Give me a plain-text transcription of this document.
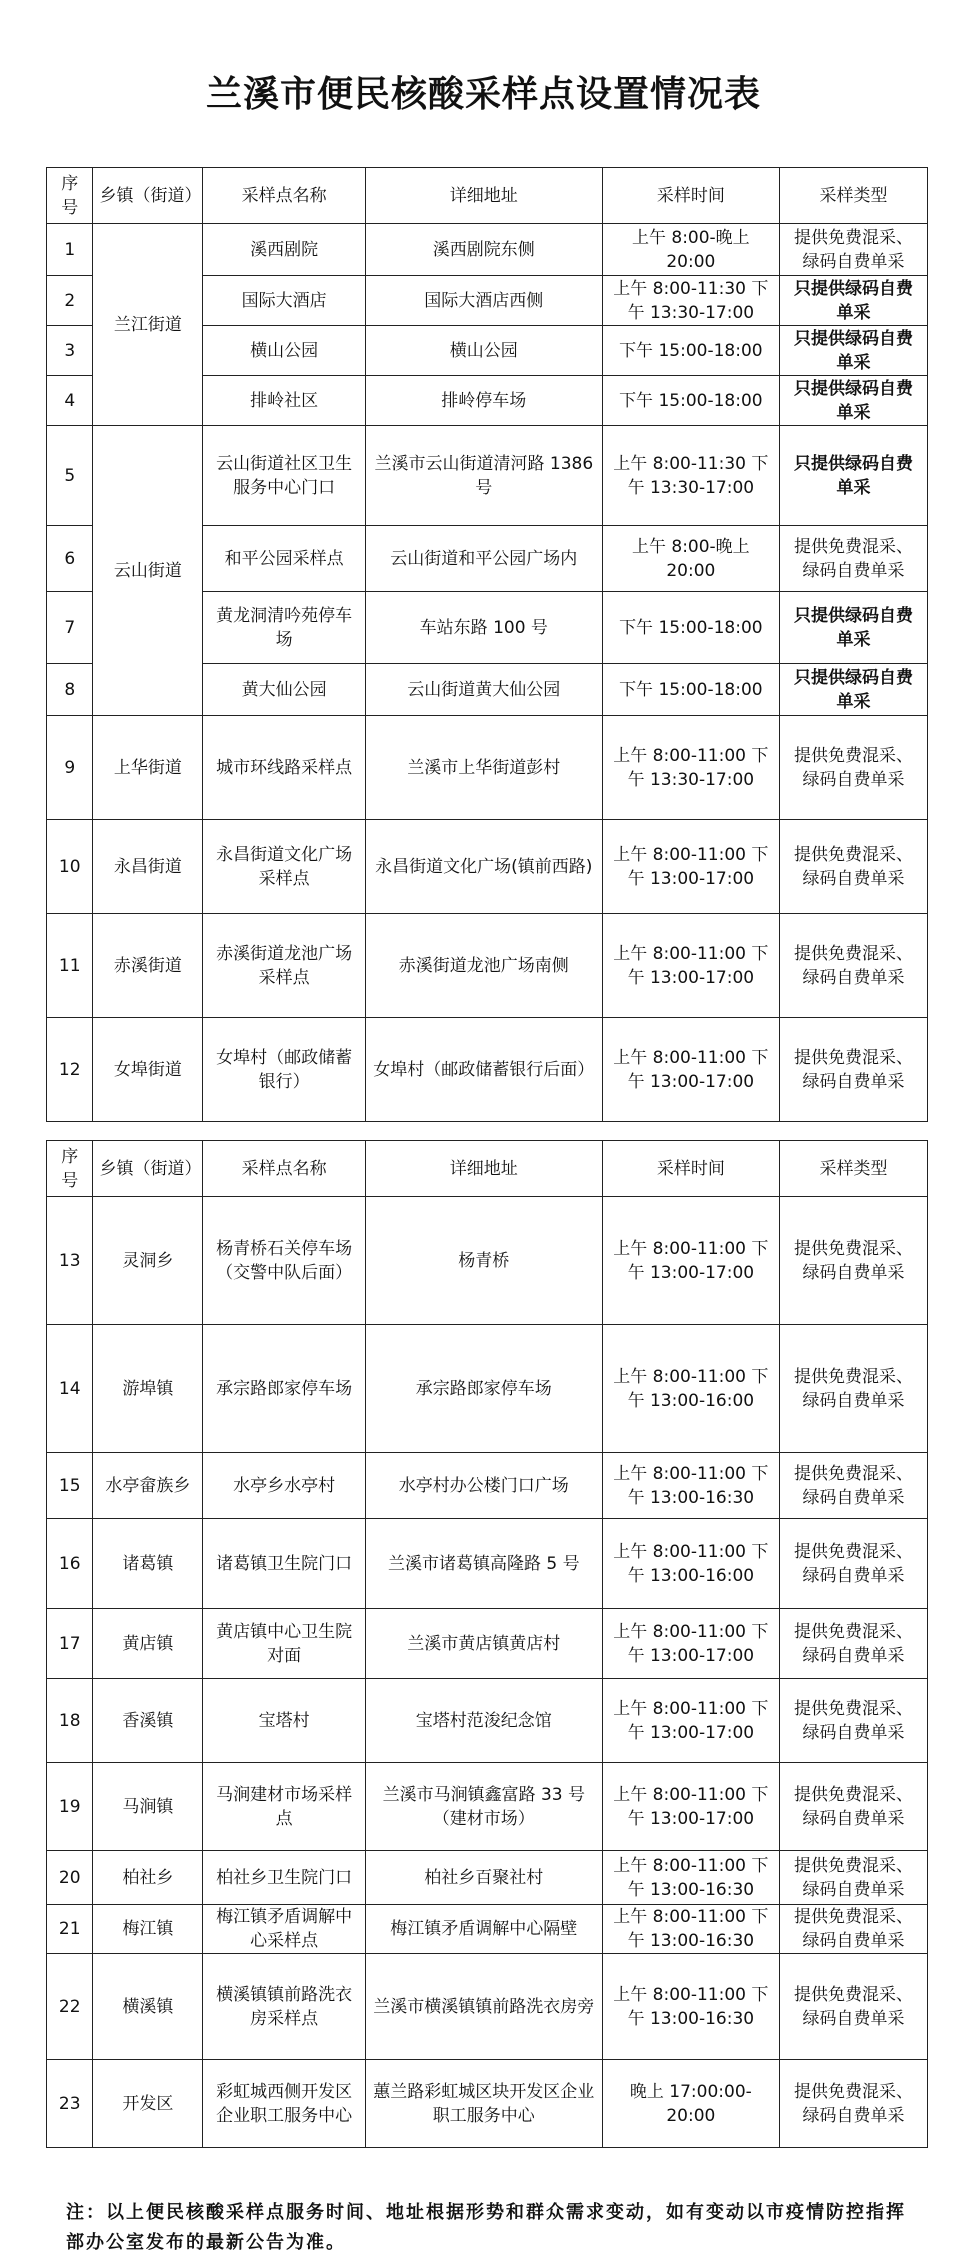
兰溪市便民核酸采样点设置情况表
序号	乡镇（街道）	采样点名称	详细地址	采样时间	采样类型
1	兰江街道	溪西剧院	溪西剧院东侧	上午 8:00-晚上 20:00	提供免费混采、绿码自费单采
2		国际大酒店	国际大酒店西侧	上午 8:00-11:30 下午 13:30-17:00	只提供绿码自费单采
3		横山公园	横山公园	下午 15:00-18:00	只提供绿码自费单采
4		排岭社区	排岭停车场	下午 15:00-18:00	只提供绿码自费单采
5	云山街道	云山街道社区卫生服务中心门口	兰溪市云山街道清河路 1386 号	上午 8:00-11:30 下午 13:30-17:00	只提供绿码自费单采
6		和平公园采样点	云山街道和平公园广场内	上午 8:00-晚上 20:00	提供免费混采、绿码自费单采
7		黄龙洞清吟苑停车场	车站东路 100 号	下午 15:00-18:00	只提供绿码自费单采
8		黄大仙公园	云山街道黄大仙公园	下午 15:00-18:00	只提供绿码自费单采
9	上华街道	城市环线路采样点	兰溪市上华街道彭村	上午 8:00-11:00 下午 13:30-17:00	提供免费混采、绿码自费单采
10	永昌街道	永昌街道文化广场采样点	永昌街道文化广场(镇前西路)	上午 8:00-11:00 下午 13:00-17:00	提供免费混采、绿码自费单采
11	赤溪街道	赤溪街道龙池广场采样点	赤溪街道龙池广场南侧	上午 8:00-11:00 下午 13:00-17:00	提供免费混采、绿码自费单采
12	女埠街道	女埠村（邮政储蓄银行）	女埠村（邮政储蓄银行后面）	上午 8:00-11:00 下午 13:00-17:00	提供免费混采、绿码自费单采
序号	乡镇（街道）	采样点名称	详细地址	采样时间	采样类型
13	灵洞乡	杨青桥石关停车场（交警中队后面）	杨青桥	上午 8:00-11:00 下午 13:00-17:00	提供免费混采、绿码自费单采
14	游埠镇	承宗路郎家停车场	承宗路郎家停车场	上午 8:00-11:00 下午 13:00-16:00	提供免费混采、绿码自费单采
15	水亭畲族乡	水亭乡水亭村	水亭村办公楼门口广场	上午 8:00-11:00 下午 13:00-16:30	提供免费混采、绿码自费单采
16	诸葛镇	诸葛镇卫生院门口	兰溪市诸葛镇高隆路 5 号	上午 8:00-11:00 下午 13:00-16:00	提供免费混采、绿码自费单采
17	黄店镇	黄店镇中心卫生院对面	兰溪市黄店镇黄店村	上午 8:00-11:00 下午 13:00-17:00	提供免费混采、绿码自费单采
18	香溪镇	宝塔村	宝塔村范浚纪念馆	上午 8:00-11:00 下午 13:00-17:00	提供免费混采、绿码自费单采
19	马涧镇	马涧建材市场采样点	兰溪市马涧镇鑫富路 33 号（建材市场）	上午 8:00-11:00 下午 13:00-17:00	提供免费混采、绿码自费单采
20	柏社乡	柏社乡卫生院门口	柏社乡百聚社村	上午 8:00-11:00 下午 13:00-16:30	提供免费混采、绿码自费单采
21	梅江镇	梅江镇矛盾调解中心采样点	梅江镇矛盾调解中心隔壁	上午 8:00-11:00 下午 13:00-16:30	提供免费混采、绿码自费单采
22	横溪镇	横溪镇镇前路洗衣房采样点	兰溪市横溪镇镇前路洗衣房旁	上午 8:00-11:00 下午 13:00-16:30	提供免费混采、绿码自费单采
23	开发区	彩虹城西侧开发区企业职工服务中心	蕙兰路彩虹城区块开发区企业职工服务中心	晚上 17:00:00-20:00	提供免费混采、绿码自费单采
注：以上便民核酸采样点服务时间、地址根据形势和群众需求变动，如有变动以市疫情防控指挥部办公室发布的最新公告为准。
